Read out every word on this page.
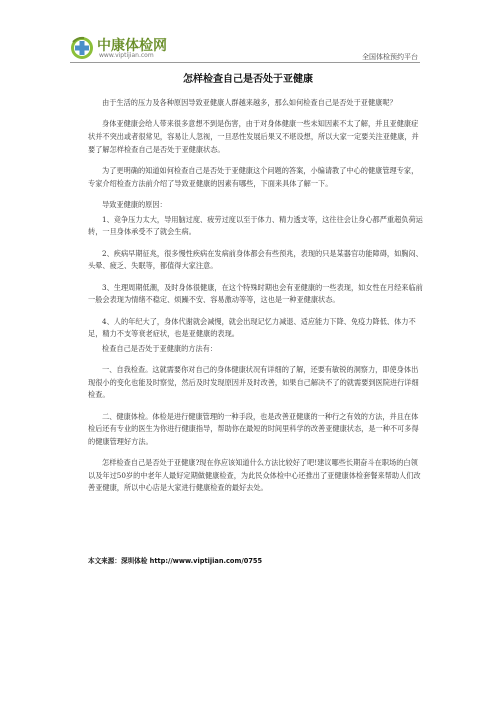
中康体检网
www.viptijian.com	全国体检预约平台
怎样检查自己是否处于亚健康

由于生活的压力及各种原因导致亚健康人群越来越多，那么如何检查自己是否处于亚健康呢？

身体亚健康会给人带来很多意想不到是伤害，由于对身体健康一些未知因素不太了解，并且亚健康症状并不突出或者很常见，容易让人忽视，一旦恶性发展后果又不堪设想，所以大家一定要关注亚健康，并要了解怎样检查自己是否处于亚健康状态。

为了更明确的知道如何检查自己是否处于亚健康这个问题的答案，小编请教了中心的健康管理专家，专家介绍检查方法前介绍了导致亚健康的因素有哪些，下面来具体了解一下。

导致亚健康的原因：

1、竞争压力太大，导用脑过度、疲劳过度以至于体力、精力透支等，这往往会让身心都严重超负荷运转，一旦身体承受不了就会生病。

2、疾病早期征兆，很多慢性疾病在发病前身体都会有些预兆，表现的只是某器官功能障碍，如胸闷、头晕、疲乏、失眠等，都值得大家注意。

3、生理周期低潮，及时身体很健康，在这个特殊时期也会有亚健康的一些表现，如女性在月经来临前一般会表现为情绪不稳定、烦躁不安、容易激动等等，这也是一种亚健康状态。

4、人的年纪大了，身体代谢就会减慢，就会出现记忆力减退、适应能力下降、免疫力降低、体力不足，精力不支等衰老症状，也是亚健康的表现。

检查自己是否处于亚健康的方法有：

一、自我检查。这就需要你对自己的身体健康状况有详细的了解，还要有敏锐的洞察力，即使身体出现很小的变化也能及时察觉，然后及时发现原因并及时改善，如果自己解决不了的就需要到医院进行详细检查。

二、健康体检。体检是进行健康管理的一种手段，也是改善亚健康的一种行之有效的方法，并且在体检后还有专业的医生为你进行健康指导，帮助你在最短的时间里科学的改善亚健康状态，是一种不可多得的健康管理好方法。

怎样检查自己是否处于亚健康?现在你应该知道什么方法比较好了吧!建议哪些长期奋斗在职场的白领以及年过50岁的中老年人最好定期做健康检查，为此民众体检中心还推出了亚健康体检套餐来帮助人们改善亚健康，所以中心店是大家进行健康检查的最好去处。

本文来源：深圳体检 http://www.viptijian.com/0755
